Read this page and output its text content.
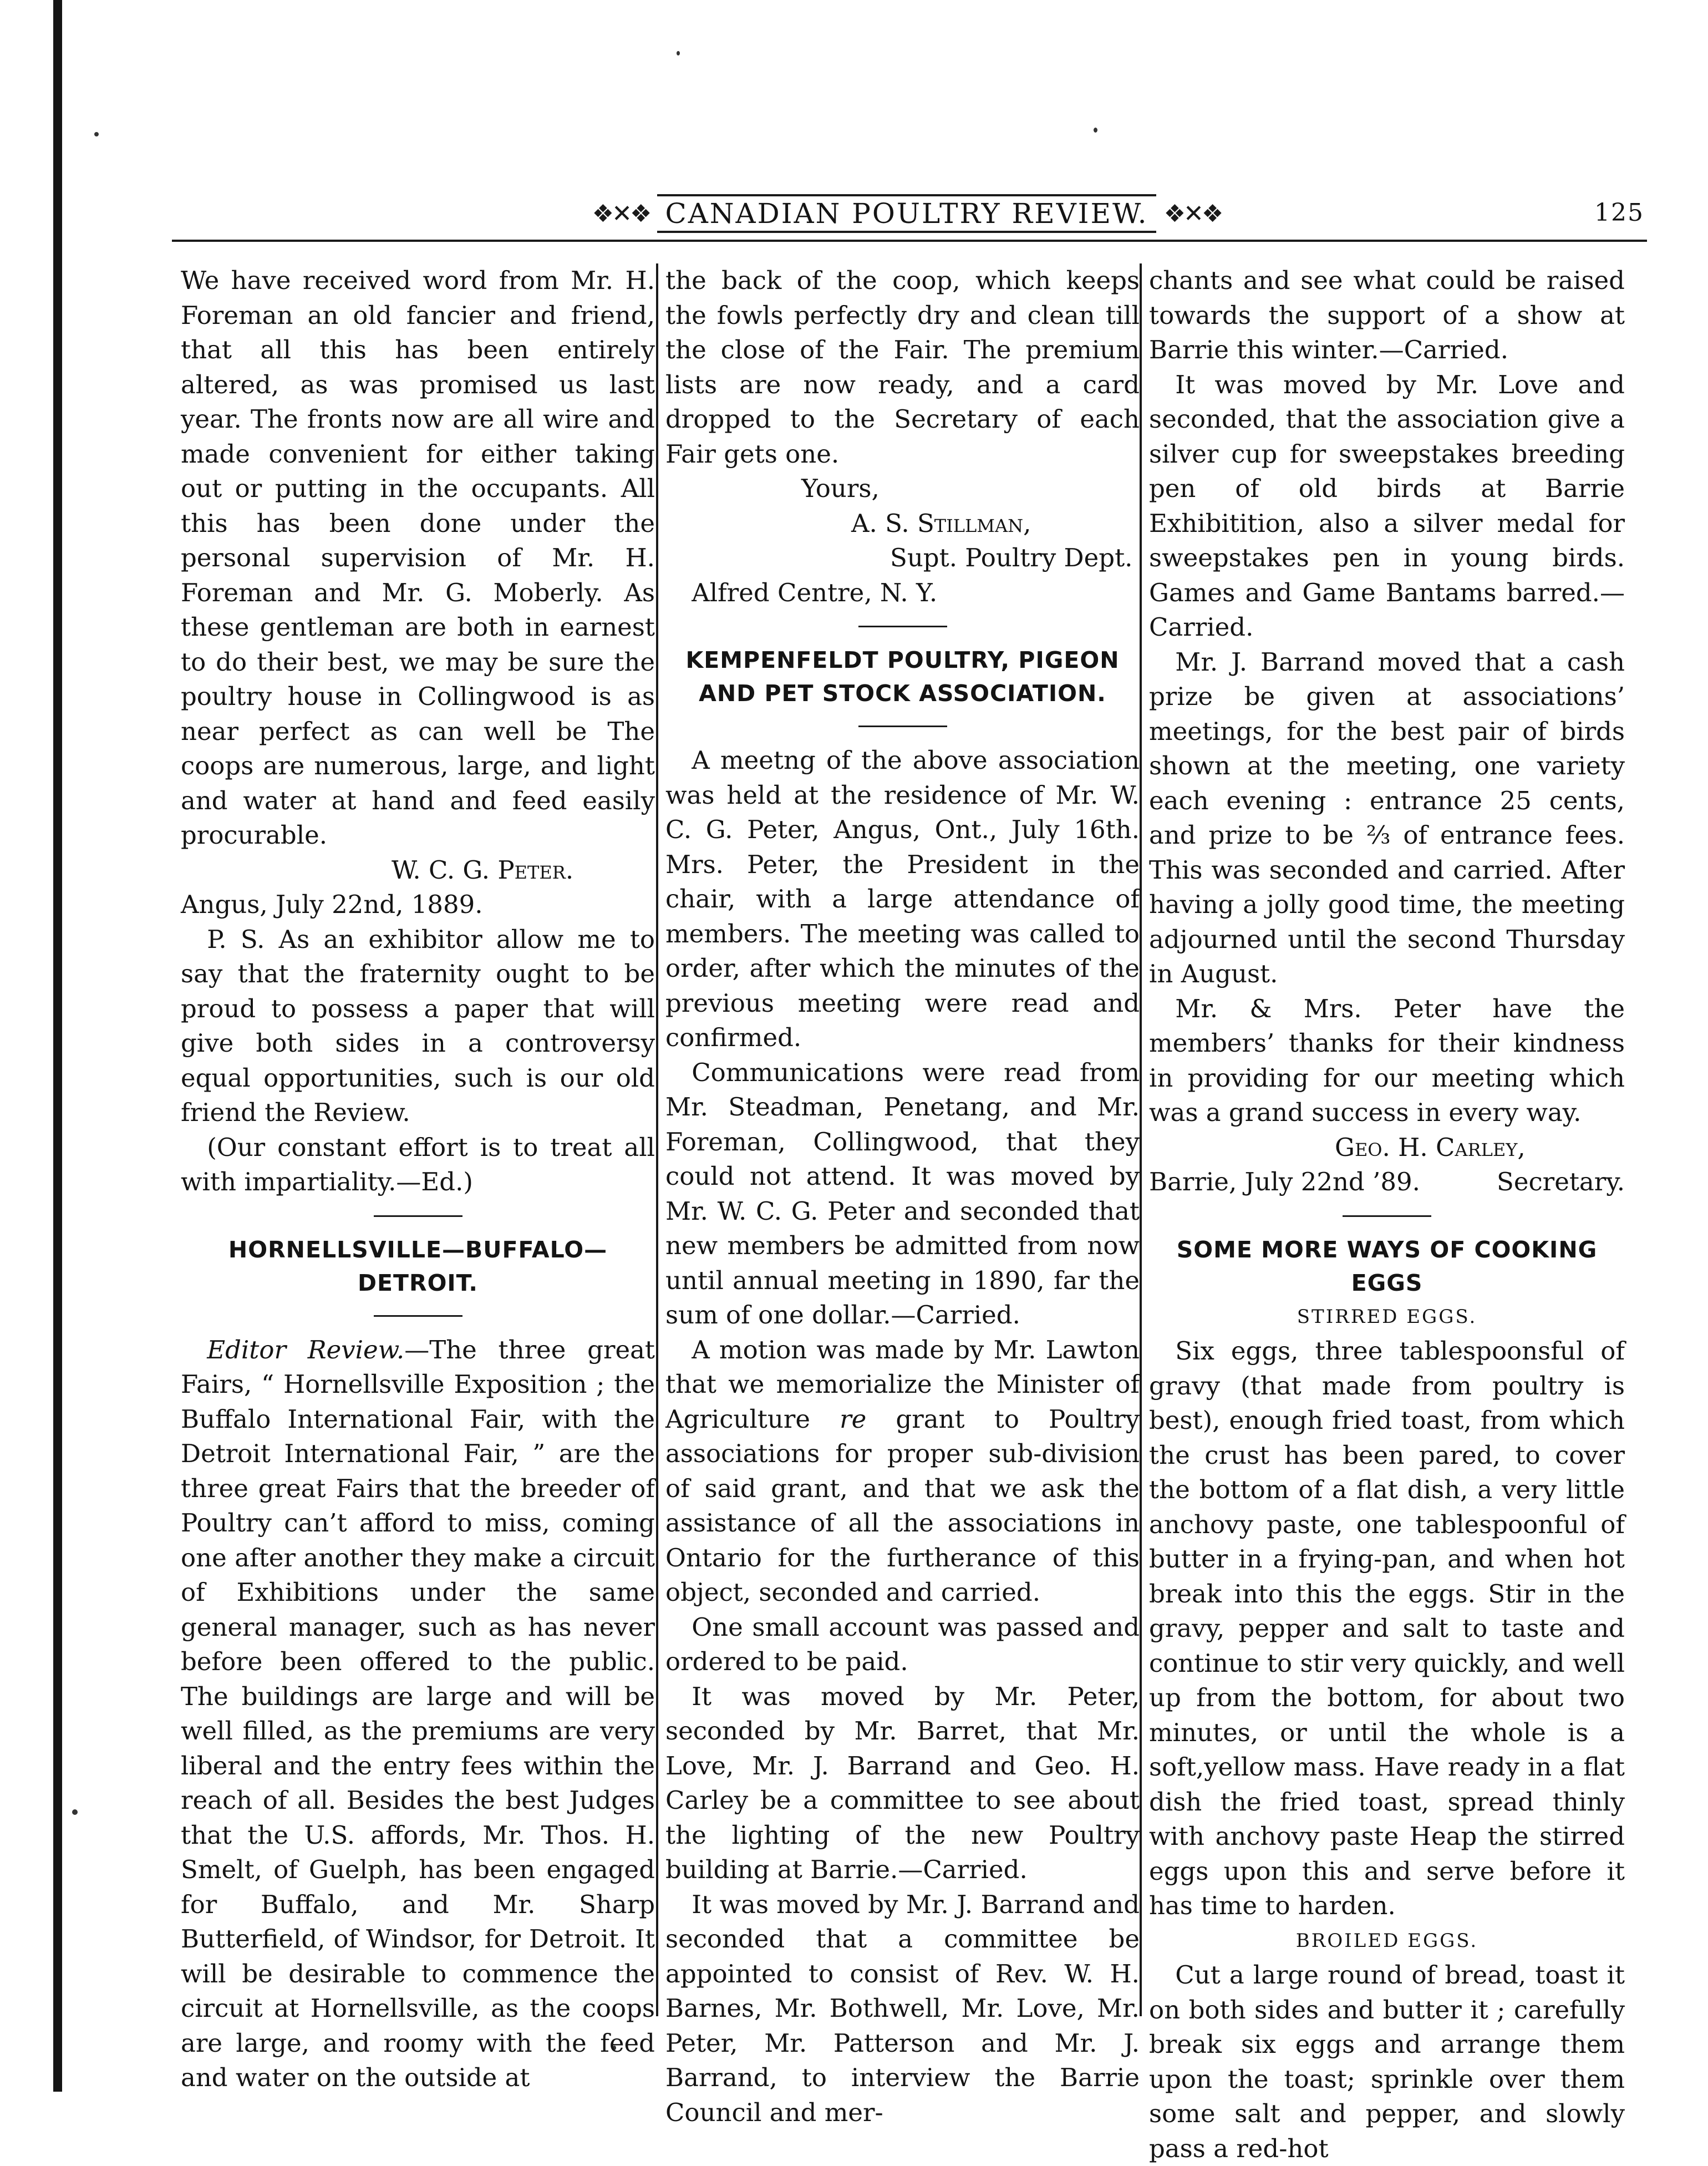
❖✕❖ CANADIAN POULTRY REVIEW. ❖✕❖	125

We have received word from Mr. H. Foreman an old fancier and friend, that all this has been entirely altered, as was promised us last year. The fronts now are all wire and made convenient for either taking out or putting in the occupants. All this has been done under the personal supervision of Mr. H. Foreman and Mr. G. Moberly. As these gentleman are both in earnest to do their best, we may be sure the poultry house in Collingwood is as near perfect as can well be The coops are numerous, large, and light and water at hand and feed easily procurable.

W. C. G. Peter.

Angus, July 22nd, 1889.

P. S. As an exhibitor allow me to say that the fraternity ought to be proud to possess a paper that will give both sides in a controversy equal opportunities, such is our old friend the Review.

(Our constant effort is to treat all with impartiality.—Ed.)

HORNELLSVILLE—BUFFALO—DETROIT.

Editor Review.—The three great Fairs, “ Hornellsville Exposition ; the Buffalo International Fair, with the Detroit International Fair, ” are the three great Fairs that the breeder of Poultry can’t afford to miss, coming one after another they make a circuit of Exhibitions under the same general manager, such as has never before been offered to the public. The buildings are large and will be well filled, as the premiums are very liberal and the entry fees within the reach of all. Besides the best Judges that the U.S. affords, Mr. Thos. H. Smelt, of Guelph, has been engaged for Buffalo, and Mr. Sharp Butterfield, of Windsor, for Detroit. It will be desirable to commence the circuit at Hornellsville, as the coops are large, and roomy with the feed and water on the outside at

the back of the coop, which keeps the fowls perfectly dry and clean till the close of the Fair. The premium lists are now ready, and a card dropped to the Secretary of each Fair gets one.

Yours,

A. S. Stillman,

Supt. Poultry Dept.

Alfred Centre, N. Y.

KEMPENFELDT POULTRY, PIGEON AND PET STOCK ASSOCIATION.

A meetng of the above association was held at the residence of Mr. W. C. G. Peter, Angus, Ont., July 16th. Mrs. Peter, the President in the chair, with a large attendance of members. The meeting was called to order, after which the minutes of the previous meeting were read and confirmed.

Communications were read from Mr. Steadman, Penetang, and Mr. Foreman, Collingwood, that they could not attend. It was moved by Mr. W. C. G. Peter and seconded that new members be admitted from now until annual meeting in 1890, far the sum of one dollar.—Carried.

A motion was made by Mr. Lawton that we memorialize the Minister of Agriculture re grant to Poultry associations for proper sub-division of said grant, and that we ask the assistance of all the associations in Ontario for the furtherance of this object, seconded and carried.

One small account was passed and ordered to be paid.

It was moved by Mr. Peter, seconded by Mr. Barret, that Mr. Love, Mr. J. Barrand and Geo. H. Carley be a committee to see about the lighting of the new Poultry building at Barrie.—Carried.

It was moved by Mr. J. Barrand and seconded that a committee be appointed to consist of Rev. W. H. Barnes, Mr. Bothwell, Mr. Love, Mr. Peter, Mr. Patterson and Mr. J. Barrand, to interview the Barrie Council and mer-

chants and see what could be raised towards the support of a show at Barrie this winter.—Carried.

It was moved by Mr. Love and seconded, that the association give a silver cup for sweepstakes breeding pen of old birds at Barrie Exhibitition, also a silver medal for sweepstakes pen in young birds. Games and Game Bantams barred.—Carried.

Mr. J. Barrand moved that a cash prize be given at associations’ meetings, for the best pair of birds shown at the meeting, one variety each evening : entrance 25 cents, and prize to be ⅔ of entrance fees. This was seconded and carried. After having a jolly good time, the meeting adjourned until the second Thursday in August.

Mr. & Mrs. Peter have the members’ thanks for their kindness in providing for our meeting which was a grand success in every way.

Geo. H. Carley,

Barrie, July 22nd ’89.	Secretary.
SOME MORE WAYS OF COOKING EGGS
STIRRED EGGS.

Six eggs, three tablespoonsful of gravy (that made from poultry is best), enough fried toast, from which the crust has been pared, to cover the bottom of a flat dish, a very little anchovy paste, one tablespoonful of butter in a frying-pan, and when hot break into this the eggs. Stir in the gravy, pepper and salt to taste and continue to stir very quickly, and well up from the bottom, for about two minutes, or until the whole is a soft,yellow mass. Have ready in a flat dish the fried toast, spread thinly with anchovy paste Heap the stirred eggs upon this and serve before it has time to harden.

BROILED EGGS.

Cut a large round of bread, toast it on both sides and butter it ; carefully break six eggs and arrange them upon the toast; sprinkle over them some salt and pepper, and slowly pass a red-hot
